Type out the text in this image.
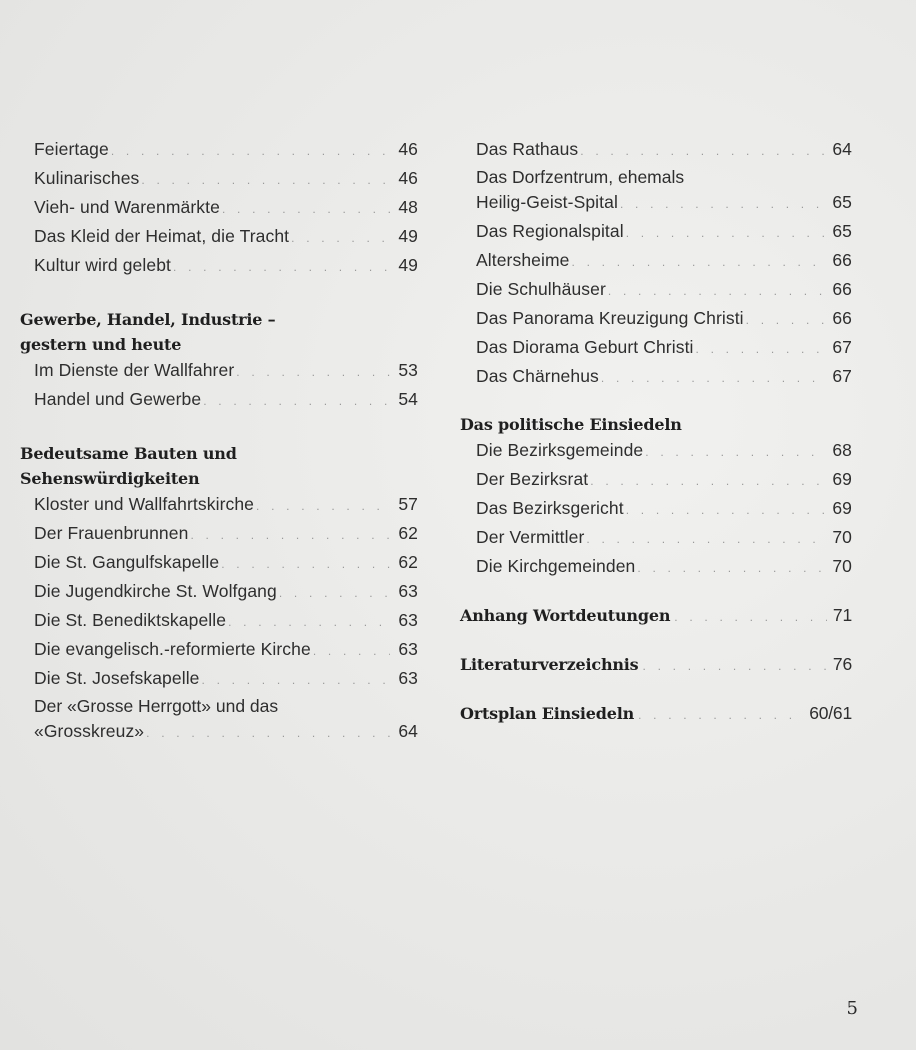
Feiertage . . .	46
Kulinarisches . . .	46
Vieh- und Warenmärkte . . .	48
Das Kleid der Heimat, die Tracht . . .	49
Kultur wird gelebt . . .	49
Gewerbe, Handel, Industrie –
gestern und heute
Im Dienste der Wallfahrer . . .	53
Handel und Gewerbe . . .	54
Bedeutsame Bauten und Sehenswürdigkeiten
Kloster und Wallfahrtskirche . . .	57
Der Frauenbrunnen . . .	62
Die St. Gangulfskapelle . . .	62
Die Jugendkirche St. Wolfgang . . .	63
Die St. Benediktskapelle . . .	63
Die evangelisch.-reformierte Kirche . . .	63
Die St. Josefskapelle . . .	63
Der «Grosse Herrgott» und das
«Grosskreuz» . . .	64
Das Rathaus . . .	64
Das Dorfzentrum, ehemals
Heilig-Geist-Spital . . .	65
Das Regionalspital . . .	65
Altersheime . . .	66
Die Schulhäuser . . .	66
Das Panorama Kreuzigung Christi . . .	66
Das Diorama Geburt Christi . . .	67
Das Chärnehus . . .	67
Das politische Einsiedeln
Die Bezirksgemeinde . . .	68
Der Bezirksrat . . .	69
Das Bezirksgericht . . .	69
Der Vermittler . . .	70
Die Kirchgemeinden . . .	70
Anhang Wortdeutungen . . .	71
Literaturverzeichnis . . .	76
Ortsplan Einsiedeln . . .	60/61
5
